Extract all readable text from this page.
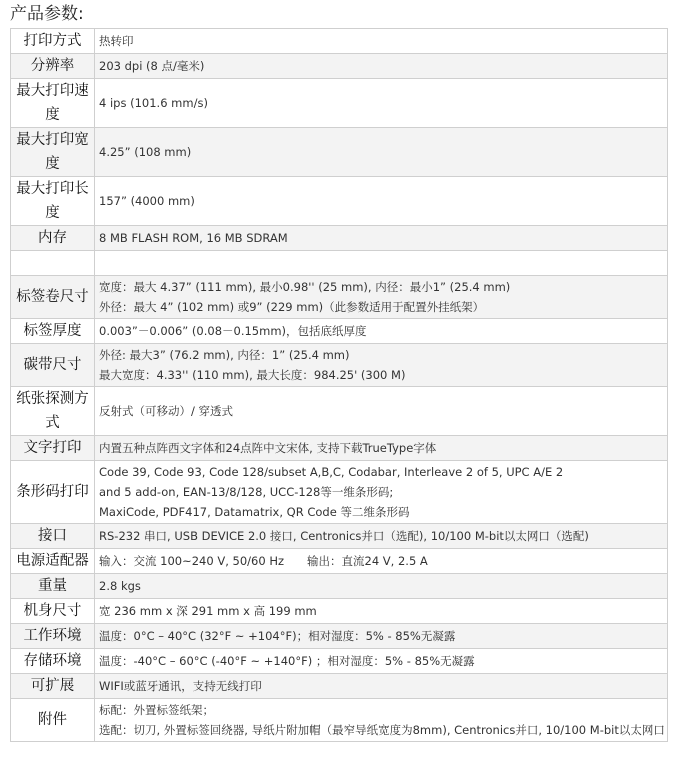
产品参数:
打印方式	热转印

分辨率	203 dpi (8 点/毫米)

最大打印速度	4 ips (101.6 mm/s)

最大打印宽度	4.25” (108 mm)

最大打印长度	157” (4000 mm)

内存	8 MB FLASH ROM, 16 MB SDRAM

标签卷尺寸	宽度：最大 4.37” (111 mm), 最小0.98'' (25 mm), 内径：最小1” (25.4 mm)
外径：最大 4” (102 mm) 或9” (229 mm)（此参数适用于配置外挂纸架）

标签厚度	0.003”－0.006” (0.08－0.15mm)，包括底纸厚度

碳带尺寸	外径: 最大3” (76.2 mm), 内径：1” (25.4 mm)
最大宽度：4.33'' (110 mm), 最大长度：984.25' (300 M)

纸张探测方式	反射式（可移动）/ 穿透式

文字打印	内置五种点阵西文字体和24点阵中文宋体, 支持下载TrueType字体

条形码打印	Code 39, Code 93, Code 128/subset A,B,C, Codabar, Interleave 2 of 5, UPC A/E 2
and 5 add-on, EAN-13/8/128, UCC-128等一维条形码;
MaxiCode, PDF417, Datamatrix, QR Code 等二维条形码

接口	RS-232 串口, USB DEVICE 2.0 接口, Centronics并口（选配), 10/100 M-bit以太网口（选配)

电源适配器	输入：交流 100~240 V, 50/60 Hz　　输出：直流24 V, 2.5 A

重量	2.8 kgs

机身尺寸	宽 236 mm x 深 291 mm x 高 199 mm

工作环境	温度：0°C – 40°C (32°F ~ +104°F)；相对湿度：5% - 85%无凝露

存储环境	温度：-40°C – 60°C (-40°F ~ +140°F) ；相对湿度：5% - 85%无凝露

可扩展	WIFI或蓝牙通讯，支持无线打印

附件	标配：外置标签纸架；
选配：切刀, 外置标签回绕器, 导纸片附加帽（最窄导纸宽度为8mm), Centronics并口, 10/100 M-bit以太网口
